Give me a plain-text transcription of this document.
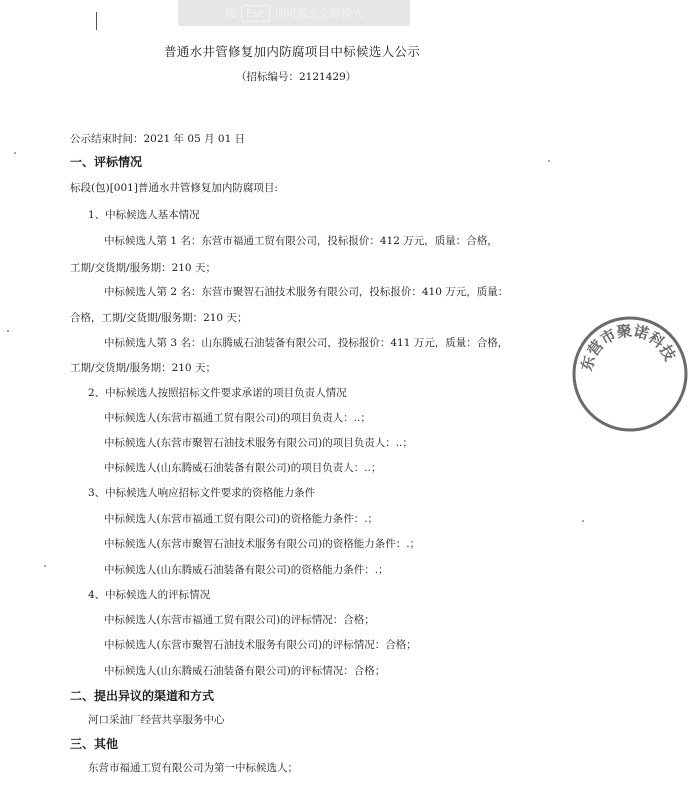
按 Esc 即可退出全屏模式
普通水井管修复加内防腐项目中标候选人公示
（招标编号：2121429）
公示结束时间：2021 年 05 月 01 日
一、评标情况
标段(包)[001]普通水井管修复加内防腐项目:
1、中标候选人基本情况
中标候选人第 1 名：东营市福通工贸有限公司，投标报价：412 万元，质量：合格，
工期/交货期/服务期：210 天；
中标候选人第 2 名：东营市聚智石油技术服务有限公司，投标报价：410 万元，质量：
合格，工期/交货期/服务期：210 天；
中标候选人第 3 名：山东腾威石油装备有限公司，投标报价：411 万元，质量：合格，
工期/交货期/服务期：210 天；
2、中标候选人按照招标文件要求承诺的项目负责人情况
中标候选人(东营市福通工贸有限公司)的项目负责人：..；
中标候选人(东营市聚智石油技术服务有限公司)的项目负责人：..；
中标候选人(山东腾威石油装备有限公司)的项目负责人：..；
3、中标候选人响应招标文件要求的资格能力条件
中标候选人(东营市福通工贸有限公司)的资格能力条件：.；
中标候选人(东营市聚智石油技术服务有限公司)的资格能力条件：.；
中标候选人(山东腾威石油装备有限公司)的资格能力条件：.；
4、中标候选人的评标情况
中标候选人(东营市福通工贸有限公司)的评标情况：合格；
中标候选人(东营市聚智石油技术服务有限公司)的评标情况：合格；
中标候选人(山东腾威石油装备有限公司)的评标情况：合格；
二、提出异议的渠道和方式
河口采油厂经营共享服务中心
三、其他
东营市福通工贸有限公司为第一中标候选人；
东营市聚诺科技
